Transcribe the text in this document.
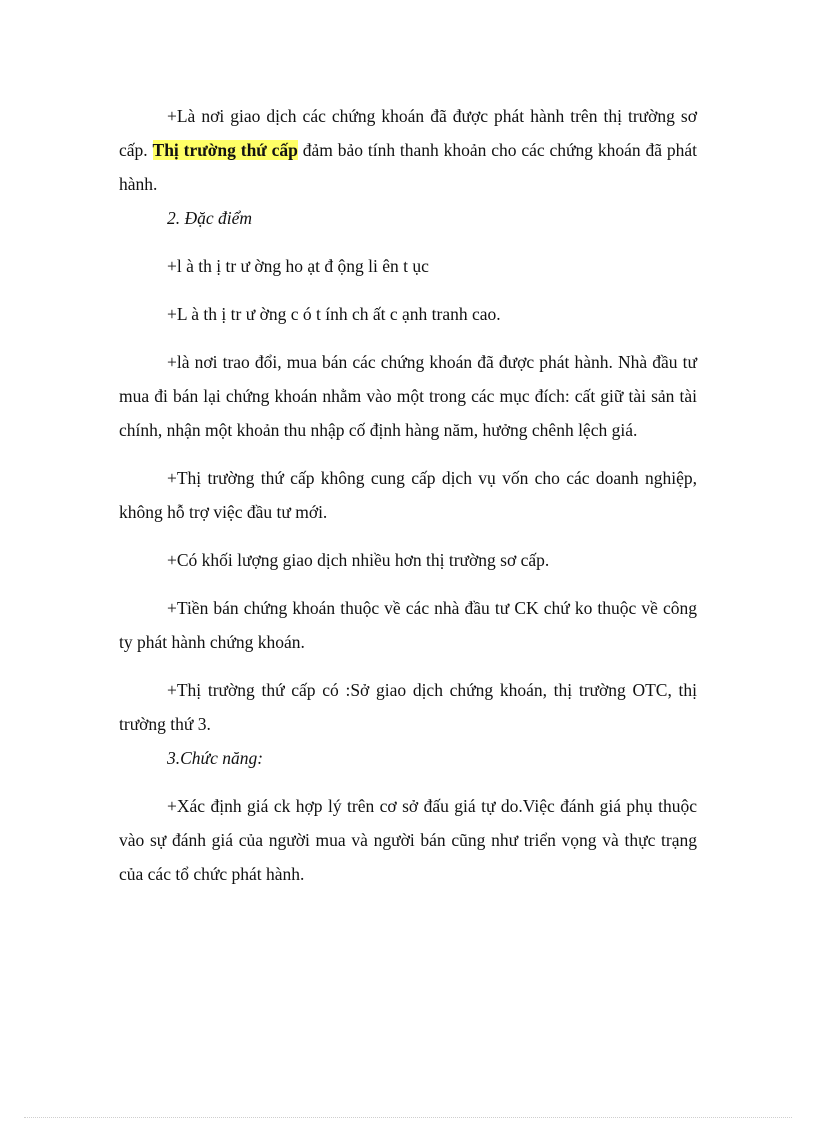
+Là nơi giao dịch các chứng khoán đã được phát hành trên thị trường sơ cấp. Thị trường thứ cấp đảm bảo tính thanh khoản cho các chứng khoán đã phát hành.

2. Đặc điểm

+l à th ị tr ư ờng ho ạt đ ộng li ên t ục

+L à th ị tr ư ờng c ó t ính ch ất c ạnh tranh cao.

+là nơi trao đổi, mua bán các chứng khoán đã được phát hành. Nhà đầu tư mua đi bán lại chứng khoán nhằm vào một trong các mục đích: cất giữ tài sản tài chính, nhận một khoản thu nhập cố định hàng năm, hưởng chênh lệch giá.

+Thị trường thứ cấp không cung cấp dịch vụ vốn cho các doanh nghiệp, không hỗ trợ việc đầu tư mới.

+Có khối lượng giao dịch nhiều hơn thị trường sơ cấp.

+Tiền bán chứng khoán thuộc về các nhà đầu tư CK chứ ko thuộc về công ty phát hành chứng khoán.

+Thị trường thứ cấp có :Sở giao dịch chứng khoán, thị trường OTC, thị trường thứ 3.

3.Chức năng:

+Xác định giá ck hợp lý trên cơ sở đấu giá tự do.Việc đánh giá phụ thuộc vào sự đánh giá của người mua và người bán cũng như triển vọng và thực trạng của các tổ chức phát hành.
